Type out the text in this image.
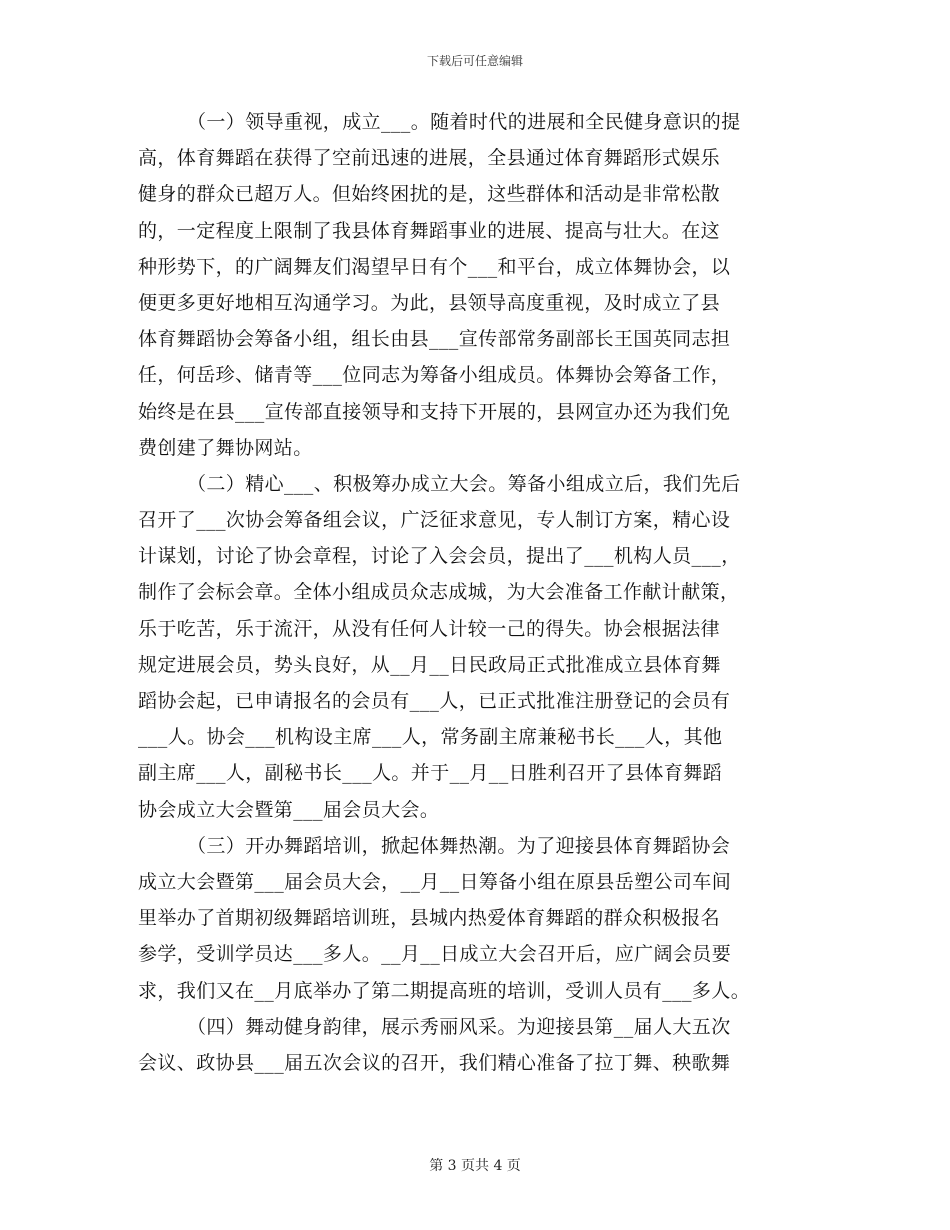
下载后可任意编辑
（一）领导重视，成立___。随着时代的进展和全民健身意识的提
高，体育舞蹈在获得了空前迅速的进展，全县通过体育舞蹈形式娱乐
健身的群众已超万人。但始终困扰的是，这些群体和活动是非常松散
的，一定程度上限制了我县体育舞蹈事业的进展、提高与壮大。在这
种形势下，的广阔舞友们渴望早日有个___和平台，成立体舞协会，以
便更多更好地相互沟通学习。为此，县领导高度重视，及时成立了县
体育舞蹈协会筹备小组，组长由县___宣传部常务副部长王国英同志担
任，何岳珍、储青等___位同志为筹备小组成员。体舞协会筹备工作，
始终是在县___宣传部直接领导和支持下开展的，县网宣办还为我们免
费创建了舞协网站。
（二）精心___、积极筹办成立大会。筹备小组成立后，我们先后
召开了___次协会筹备组会议，广泛征求意见，专人制订方案，精心设
计谋划，讨论了协会章程，讨论了入会会员，提出了___机构人员___，
制作了会标会章。全体小组成员众志成城，为大会准备工作献计献策，
乐于吃苦，乐于流汗，从没有任何人计较一己的得失。协会根据法律
规定进展会员，势头良好，从__月__日民政局正式批准成立县体育舞
蹈协会起，已申请报名的会员有___人，已正式批准注册登记的会员有
___人。协会___机构设主席___人，常务副主席兼秘书长___人，其他
副主席___人，副秘书长___人。并于__月__日胜利召开了县体育舞蹈
协会成立大会暨第___届会员大会。
（三）开办舞蹈培训，掀起体舞热潮。为了迎接县体育舞蹈协会
成立大会暨第___届会员大会，__月__日筹备小组在原县岳塑公司车间
里举办了首期初级舞蹈培训班，县城内热爱体育舞蹈的群众积极报名
参学，受训学员达___多人。__月__日成立大会召开后，应广阔会员要
求，我们又在__月底举办了第二期提高班的培训，受训人员有___多人。
（四）舞动健身韵律，展示秀丽风采。为迎接县第__届人大五次
会议、政协县___届五次会议的召开，我们精心准备了拉丁舞、秧歌舞
第 3 页共 4 页
